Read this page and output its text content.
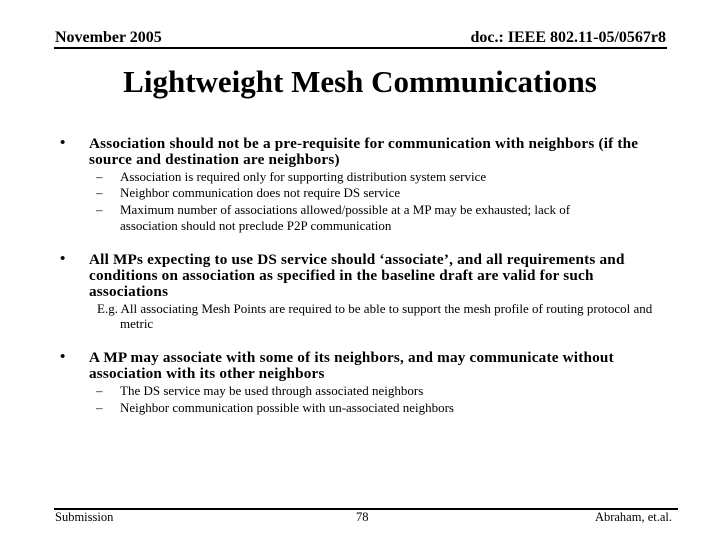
November 2005	doc.: IEEE 802.11-05/0567r8
Lightweight Mesh Communications
• Association should not be a pre-requisite for communication with neighbors (if the
source and destination are neighbors)
– Association is required only for supporting distribution system service
– Neighbor communication does not require DS service
– Maximum number of associations allowed/possible at a MP may be exhausted; lack of
association should not preclude P2P communication
• All MPs expecting to use DS service should ‘associate’, and all requirements and
conditions on association as specified in the baseline draft are valid for such
associations
E.g. All associating Mesh Points are required to be able to support the mesh profile of routing protocol and metric
• A MP may associate with some of its neighbors, and may communicate without
association with its other neighbors
– The DS service may be used through associated neighbors
– Neighbor communication possible with un-associated neighbors
Submission	78	Abraham, et.al.
